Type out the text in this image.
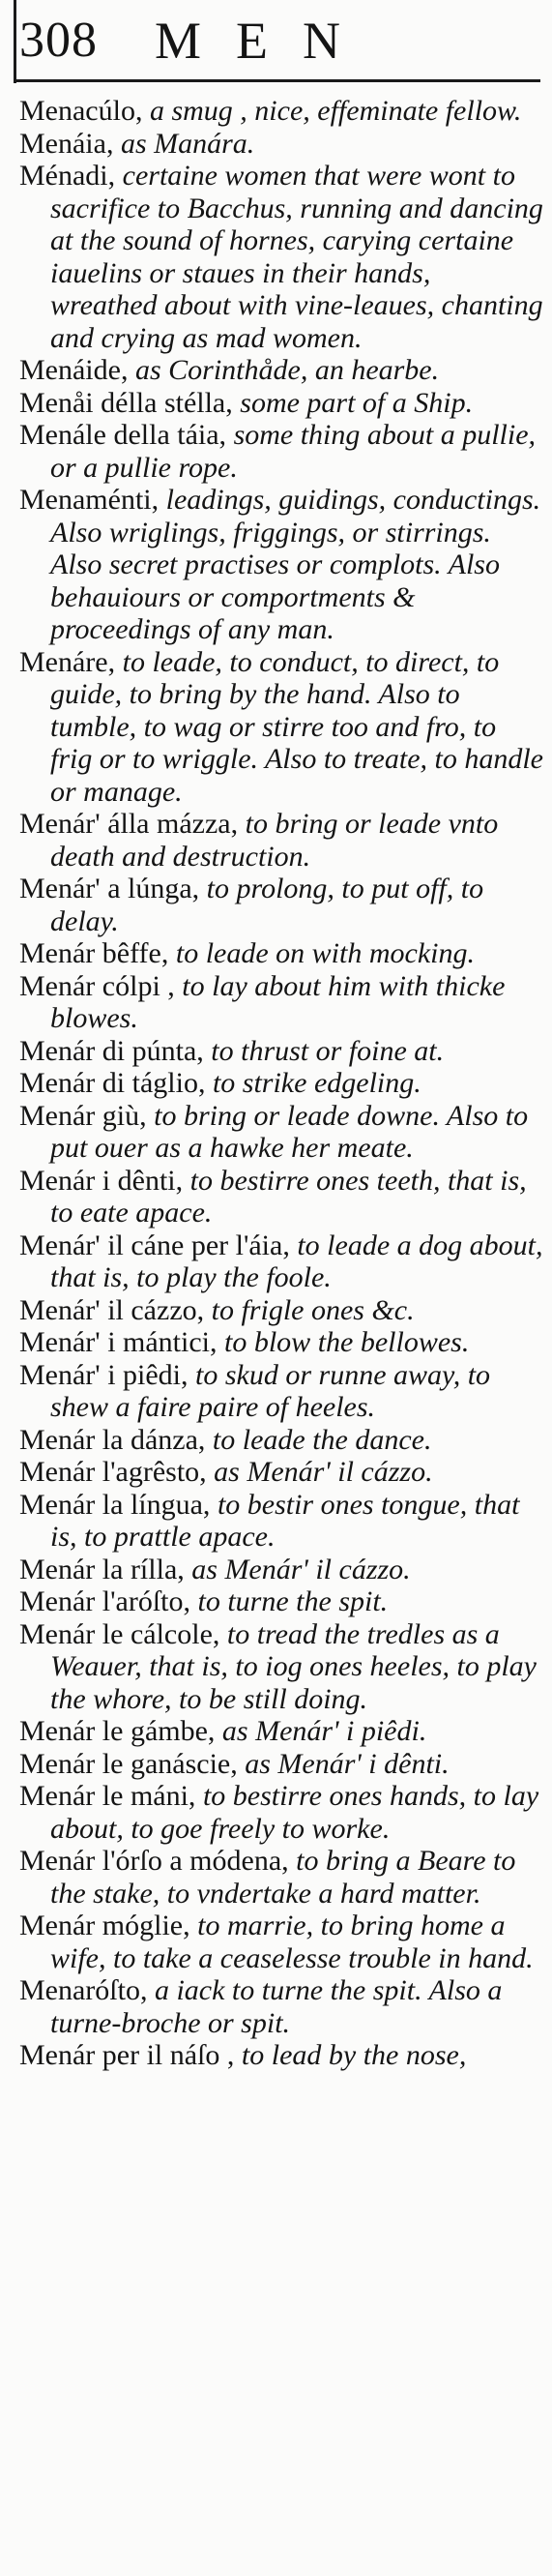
308 MEN

Menacúlo, a smug , nice, effeminate fellow.

Menáia, as Manára.

Ménadi, certaine women that were wont to sacrifice to Bacchus, running and dancing at the sound of hornes, carying certaine iauelins or staues in their hands, wreathed about with vine-leaues, chanting and crying as mad women.

Menáide, as Corinthåde, an hearbe.

Menåi délla stélla, some part of a Ship.

Menále della táia, some thing about a pullie, or a pullie rope.

Menaménti, leadings, guidings, conductings. Also wriglings, friggings, or stirrings. Also secret practises or complots. Also behauiours or comportments & proceedings of any man.

Menáre, to leade, to conduct, to direct, to guide, to bring by the hand. Also to tumble, to wag or stirre too and fro, to frig or to wriggle. Also to treate, to handle or manage.

Menár' álla mázza, to bring or leade vnto death and destruction.

Menár' a lúnga, to prolong, to put off, to delay.

Menár bêffe, to leade on with mocking.

Menár cólpi , to lay about him with thicke blowes.

Menár di púnta, to thrust or foine at.

Menár di táglio, to strike edgeling.

Menár giù, to bring or leade downe. Also to put ouer as a hawke her meate.

Menár i dênti, to bestirre ones teeth, that is, to eate apace.

Menár' il cáne per l'áia, to leade a dog about, that is, to play the foole.

Menár' il cázzo, to frigle ones &c.

Menár' i mántici, to blow the bellowes.

Menár' i piêdi, to skud or runne away, to shew a faire paire of heeles.

Menár la dánza, to leade the dance.

Menár l'agrêsto, as Menár' il cázzo.

Menár la língua, to bestir ones tongue, that is, to prattle apace.

Menár la rílla, as Menár' il cázzo.

Menár l'aróſto, to turne the spit.

Menár le cálcole, to tread the tredles as a Weauer, that is, to iog ones heeles, to play the whore, to be still doing.

Menár le gámbe, as Menár' i piêdi.

Menár le ganáscie, as Menár' i dênti.

Menár le máni, to bestirre ones hands, to lay about, to goe freely to worke.

Menár l'órſo a módena, to bring a Beare to the stake, to vndertake a hard matter.

Menár móglie, to marrie, to bring home a wife, to take a ceaselesse trouble in hand.

Menaróſto, a iack to turne the spit. Also a turne-broche or spit.

Menár per il náſo , to lead by the nose,
